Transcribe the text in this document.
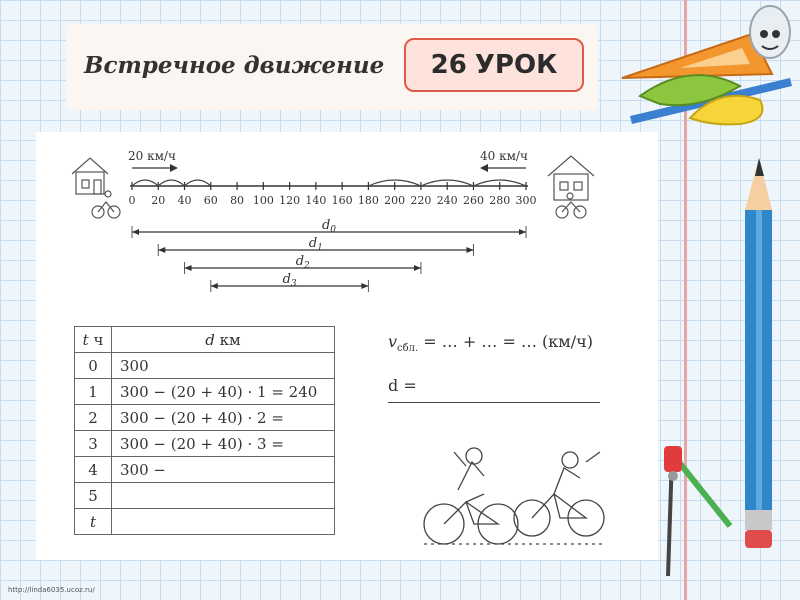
Встречное движение 26 УРОК
20 км/ч	40 км/ч
0 20 40 60 80 100 120 140 160 180 200 220 240 260 280 300
$d_0$
$d_1$
$d_2$
$d_3$
t ч	d км
0	300
1	300 − (20 + 40) · 1 = 240
2	300 − (20 + 40) · 2 =
3	300 − (20 + 40) · 3 =
4	300 −
5	
t	
$v_{сбл.}$ = … + … = … (км/ч)
d =
http://linda6035.ucoz.ru/
